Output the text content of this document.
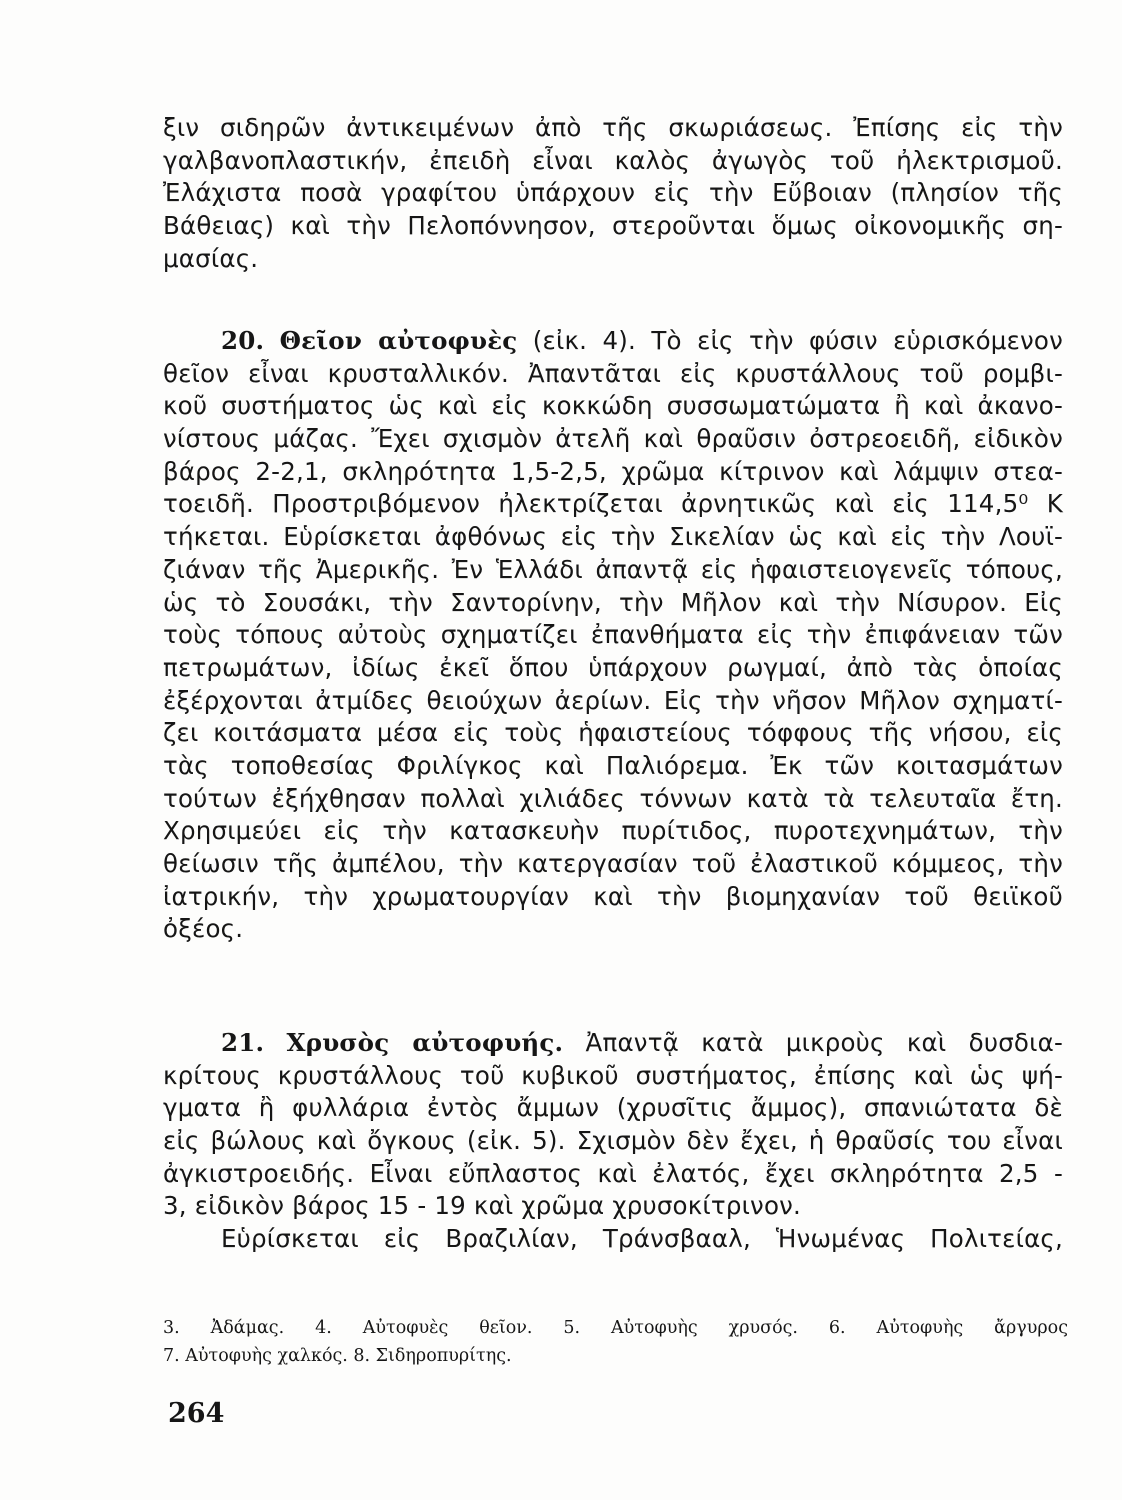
ξιν σιδηρῶν ἀντικειμένων ἀπὸ τῆς σκωριάσεως. Ἐπίσης εἰς τὴν
γαλβανοπλαστικήν, ἐπειδὴ εἶναι καλὸς ἀγωγὸς τοῦ ἠλεκτρισμοῦ.
Ἐλάχιστα ποσὰ γραφίτου ὑπάρχουν εἰς τὴν Εὔβοιαν (πλησίον τῆς
Βάθειας) καὶ τὴν Πελοπόννησον, στεροῦνται ὅμως οἰκονομικῆς ση-
μασίας.
20. Θεῖον αὐτοφυὲς (εἰκ. 4). Τὸ εἰς τὴν φύσιν εὑρισκόμενον
θεῖον εἶναι κρυσταλλικόν. Ἀπαντᾶται εἰς κρυστάλλους τοῦ ρομβι-
κοῦ συστήματος ὡς καὶ εἰς κοκκώδη συσσωματώματα ἢ καὶ ἀκανο-
νίστους μάζας. Ἔχει σχισμὸν ἀτελῆ καὶ θραῦσιν ὀστρεοειδῆ, εἰδικὸν
βάρος 2-2,1, σκληρότητα 1,5-2,5, χρῶμα κίτρινον καὶ λάμψιν στεα-
τοειδῆ. Προστριβόμενον ἠλεκτρίζεται ἀρνητικῶς καὶ εἰς 114,5⁰ Κ
τήκεται. Εὑρίσκεται ἀφθόνως εἰς τὴν Σικελίαν ὡς καὶ εἰς τὴν Λουϊ-
ζιάναν τῆς Ἀμερικῆς. Ἐν Ἑλλάδι ἀπαντᾷ εἰς ἡφαιστειογενεῖς τόπους,
ὡς τὸ Σουσάκι, τὴν Σαντορίνην, τὴν Μῆλον καὶ τὴν Νίσυρον. Εἰς
τοὺς τόπους αὐτοὺς σχηματίζει ἐπανθήματα εἰς τὴν ἐπιφάνειαν τῶν
πετρωμάτων, ἰδίως ἐκεῖ ὅπου ὑπάρχουν ρωγμαί, ἀπὸ τὰς ὁποίας
ἐξέρχονται ἀτμίδες θειούχων ἀερίων. Εἰς τὴν νῆσον Μῆλον σχηματί-
ζει κοιτάσματα μέσα εἰς τοὺς ἡφαιστείους τόφφους τῆς νήσου, εἰς
τὰς τοποθεσίας Φριλίγκος καὶ Παλιόρεμα. Ἐκ τῶν κοιτασμάτων
τούτων ἐξήχθησαν πολλαὶ χιλιάδες τόννων κατὰ τὰ τελευταῖα ἔτη.
Χρησιμεύει εἰς τὴν κατασκευὴν πυρίτιδος, πυροτεχνημάτων, τὴν
θείωσιν τῆς ἀμπέλου, τὴν κατεργασίαν τοῦ ἐλαστικοῦ κόμμεος, τὴν
ἰατρικήν, τὴν χρωματουργίαν καὶ τὴν βιομηχανίαν τοῦ θειϊκοῦ
ὀξέος.
21. Χρυσὸς αὐτοφυής. Ἀπαντᾷ κατὰ μικροὺς καὶ δυσδια-
κρίτους κρυστάλλους τοῦ κυβικοῦ συστήματος, ἐπίσης καὶ ὡς ψή-
γματα ἢ φυλλάρια ἐντὸς ἄμμων (χρυσῖτις ἄμμος), σπανιώτατα δὲ
εἰς βώλους καὶ ὄγκους (εἰκ. 5). Σχισμὸν δὲν ἔχει, ἡ θραῦσίς του εἶναι
ἀγκιστροειδής. Εἶναι εὔπλαστος καὶ ἐλατός, ἔχει σκληρότητα 2,5 -
3, εἰδικὸν βάρος 15 - 19 καὶ χρῶμα χρυσοκίτρινον.
Εὑρίσκεται εἰς Βραζιλίαν, Τράνσβααλ, Ἡνωμένας Πολιτείας,
3. Ἀδάμας. 4. Αὐτοφυὲς θεῖον. 5. Αὐτοφυὴς χρυσός. 6. Αὐτοφυὴς ἄργυρος
7. Αὐτοφυὴς χαλκός. 8. Σιδηροπυρίτης.
264
